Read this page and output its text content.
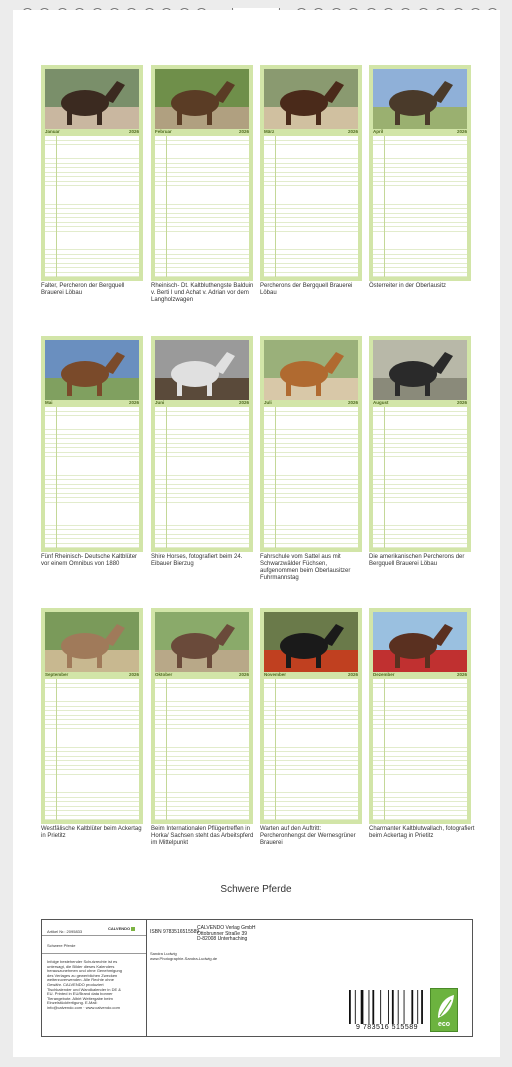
Januar	2026
Falter, Percheron der Bergquell Brauerei Löbau
Februar	2026
Rheinisch- Dt. Kaltbluthengste Balduin v. Berti I und Achat v. Adrian vor dem Langholzwagen
März	2026
Percherons der Bergquell Brauerei Löbau
April	2026
Österreiter in der Oberlausitz
Mai	2026
Fünf Rheinisch- Deutsche Kaltblüter vor einem Omnibus von 1880
Juni	2026
Shire Horses, fotografiert beim 24. Eibauer Bierzug
Juli	2026
Fahrschule vom Sattel aus mit Schwarzwälder Füchsen, aufgenommen beim Oberlausitzer Fuhrmannstag
August	2026
Die amerikanischen Percherons der Bergquell Brauerei Löbau
September	2026
Westfälische Kaltblüter beim Ackertag in Prietitz
Oktober	2026
Beim Internationalen Pflügertreffen in Horka/ Sachsen steht das Arbeitspferd im Mittelpunkt
November	2026
Warten auf den Auftritt: Percheronhengst der Wernesgrüner Brauerei
Dezember	2026
Charmanter Kaltblutwallach, fotografiert beim Ackertag in Prietitz
Schwere Pferde
Artikel Nr.: 2095833
CALVENDO
Schwere Pferde
Infolge bestehender Schutzrechte ist es untersagt, die Bilder dieses Kalenders herauszunehmen und ohne Genehmigung des Verlages zu gewerblichen Zwecken weiterzuverwenden. Alle Rechte ohne Gewähr. CALVENDO produziert Tischkalender und Wandkalender in DE & EU. Printed in EU/Brand data bonner Tierangebote. Albirt Weitergabe beim Einzelstückfertigung. E-Mail: info@calvendo.com · www.calvendo.com
ISBN 9783516515589
CALVENDO Verlag GmbH
Ottobrunner Straße 39
D-82008 Unterhaching
Sandra Ludwig
www.Photographie-Sandra-Ludwig.de
9 783516 515589	eco
